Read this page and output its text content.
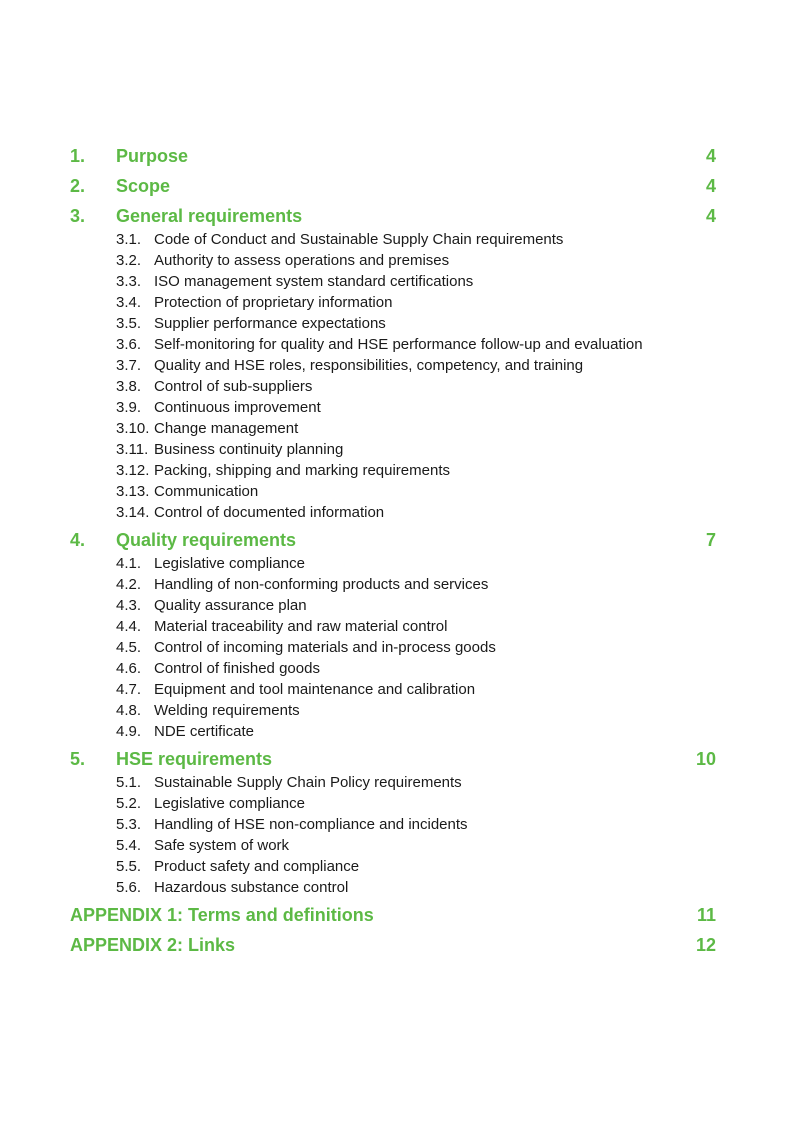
1.	Purpose	4
2.	Scope	4
3.	General requirements	4
3.1. Code of Conduct and Sustainable Supply Chain requirements
3.2. Authority to assess operations and premises
3.3. ISO management system standard certifications
3.4. Protection of proprietary information
3.5. Supplier performance expectations
3.6. Self-monitoring for quality and HSE performance follow-up and evaluation
3.7. Quality and HSE roles, responsibilities, competency, and training
3.8. Control of sub-suppliers
3.9. Continuous improvement
3.10. Change management
3.11. Business continuity planning
3.12. Packing, shipping and marking requirements
3.13. Communication
3.14. Control of documented information
4.	Quality requirements	7
4.1. Legislative compliance
4.2. Handling of non-conforming products and services
4.3. Quality assurance plan
4.4. Material traceability and raw material control
4.5. Control of incoming materials and in-process goods
4.6. Control of finished goods
4.7. Equipment and tool maintenance and calibration
4.8. Welding requirements
4.9. NDE certificate
5.	HSE requirements	10
5.1. Sustainable Supply Chain Policy requirements
5.2. Legislative compliance
5.3. Handling of HSE non-compliance and incidents
5.4. Safe system of work
5.5. Product safety and compliance
5.6. Hazardous substance control
APPENDIX 1: Terms and definitions	11
APPENDIX 2: Links	12
